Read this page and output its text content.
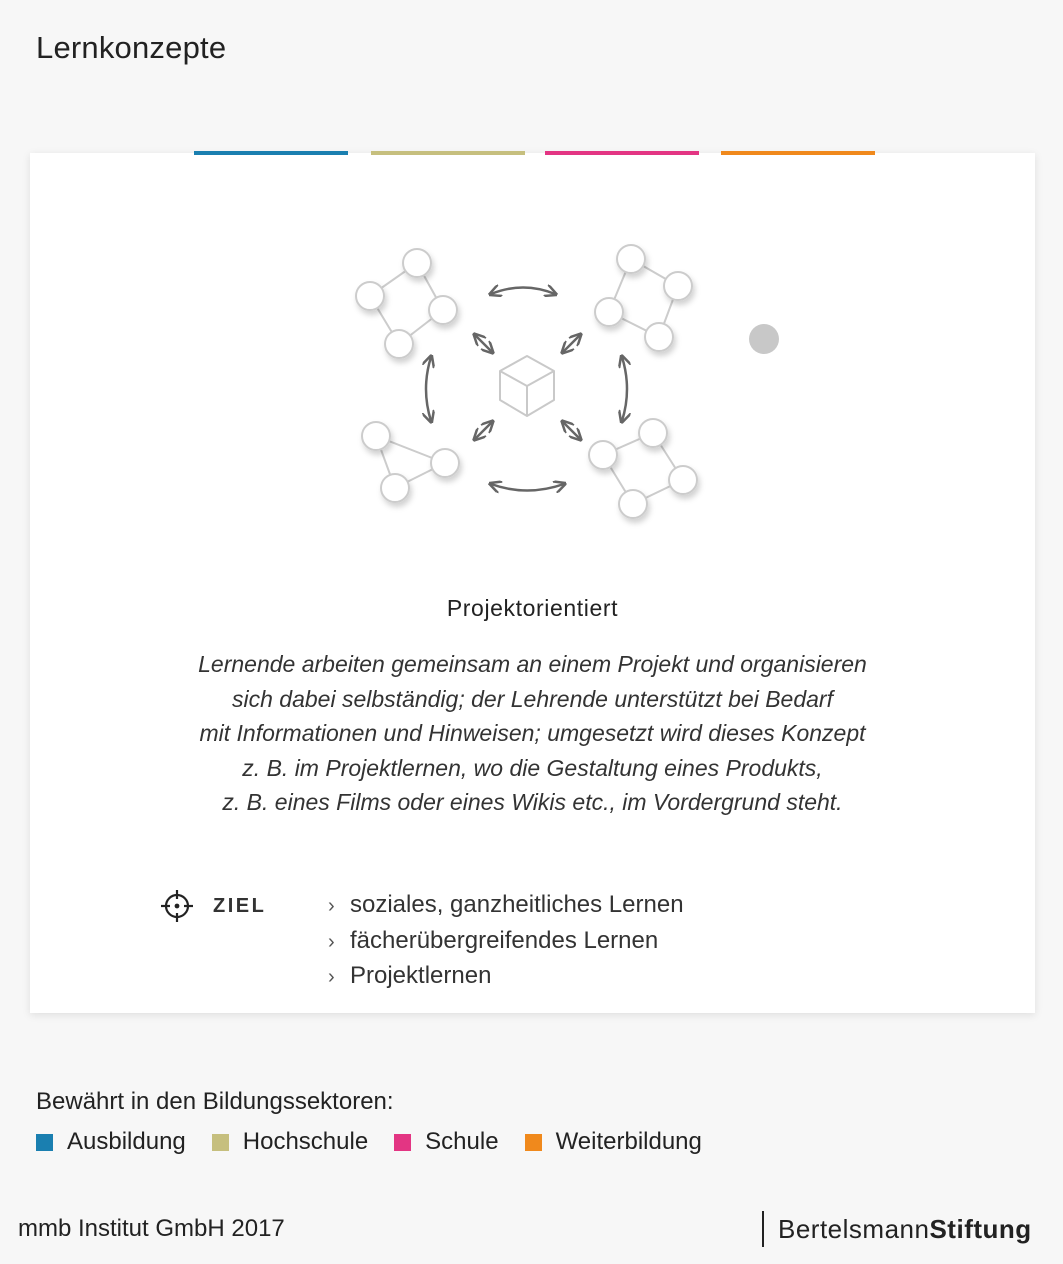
Lernkonzepte
Projektorientiert

Lernende arbeiten gemeinsam an einem Projekt und organisieren
sich dabei selbständig; der Lehrende unterstützt bei Bedarf
mit Informationen und Hinweisen; umgesetzt wird dieses Konzept
z. B. im Projektlernen, wo die Gestaltung eines Produkts,
z. B. eines Films oder eines Wikis etc., im Vordergrund steht.

ZIEL	› soziales, ganzheitliches Lernen
› fächerübergreifendes Lernen
› Projektlernen
Bewährt in den Bildungssektoren:
Ausbildung Hochschule Schule Weiterbildung
mmb Institut GmbH 2017	Bertelsmann Stiftung
